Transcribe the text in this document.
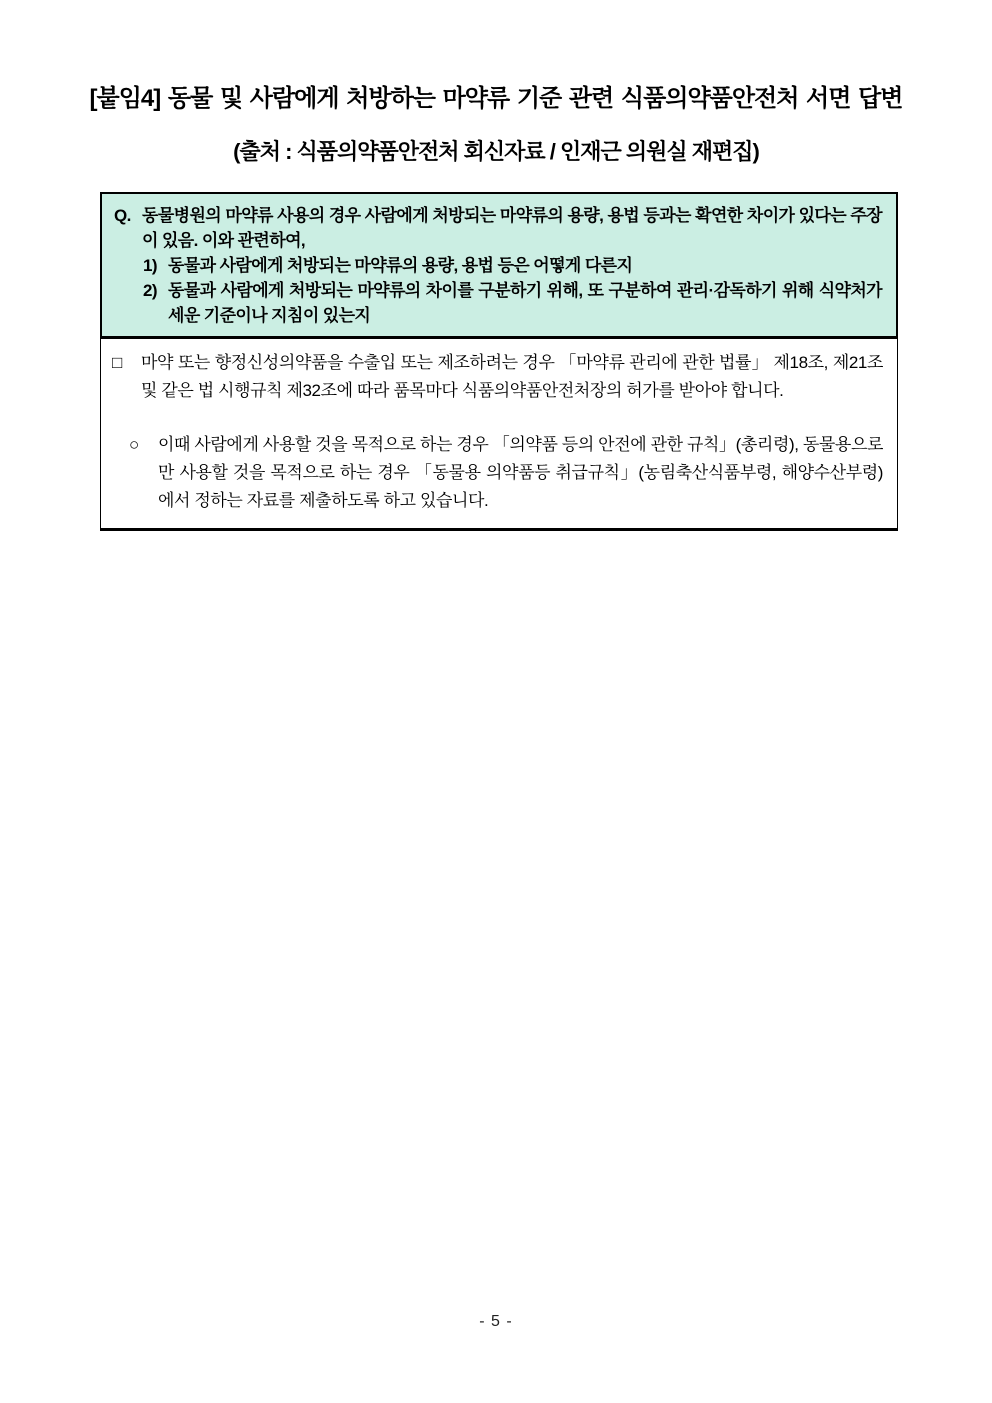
[붙임4] 동물 및 사람에게 처방하는 마약류 기준 관련 식품의약품안전처 서면 답변
(출처 : 식품의약품안전처 회신자료 / 인재근 의원실 재편집)

Q. 동물병원의 마약류 사용의 경우 사람에게 처방되는 마약류의 용량, 용법 등과는 확연한 차이가 있다는 주장이 있음. 이와 관련하여,

1) 동물과 사람에게 처방되는 마약류의 용량, 용법 등은 어떻게 다른지

2) 동물과 사람에게 처방되는 마약류의 차이를 구분하기 위해, 또 구분하여 관리·감독하기 위해 식약처가 세운 기준이나 지침이 있는지

□ 마약 또는 향정신성의약품을 수출입 또는 제조하려는 경우 「마약류 관리에 관한 법률」 제18조, 제21조 및 같은 법 시행규칙 제32조에 따라 품목마다 식품의약품안전처장의 허가를 받아야 합니다.

○ 이때 사람에게 사용할 것을 목적으로 하는 경우 「의약품 등의 안전에 관한 규칙」(총리령), 동물용으로만 사용할 것을 목적으로 하는 경우 「동물용 의약품등 취급규칙」(농림축산식품부령, 해양수산부령)에서 정하는 자료를 제출하도록 하고 있습니다.

- 5 -
